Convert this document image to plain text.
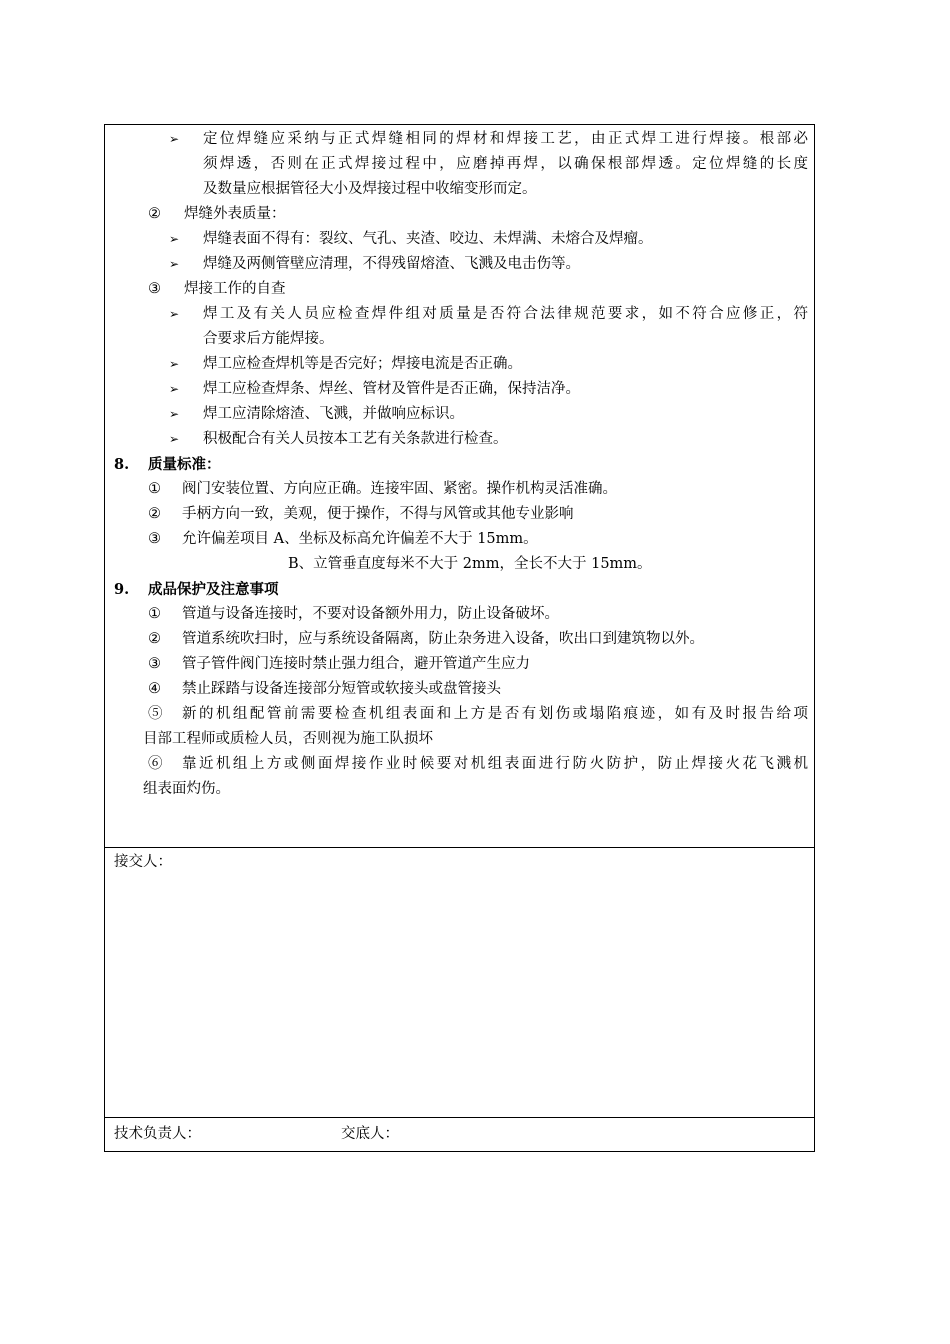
➢ 定位焊缝应采纳与正式焊缝相同的焊材和焊接工艺，由正式焊工进行焊接。根部必
须焊透，否则在正式焊接过程中，应磨掉再焊，以确保根部焊透。定位焊缝的长度
及数量应根据管径大小及焊接过程中收缩变形而定。
② 焊缝外表质量：
➢ 焊缝表面不得有：裂纹、气孔、夹渣、咬边、未焊满、未熔合及焊瘤。
➢ 焊缝及两侧管壁应清理，不得残留熔渣、飞溅及电击伤等。
③ 焊接工作的自查
➢ 焊工及有关人员应检查焊件组对质量是否符合法律规范要求，如不符合应修正，符
合要求后方能焊接。
➢ 焊工应检查焊机等是否完好；焊接电流是否正确。
➢ 焊工应检查焊条、焊丝、管材及管件是否正确，保持洁净。
➢ 焊工应清除熔渣、飞溅，并做响应标识。
➢ 积极配合有关人员按本工艺有关条款进行检查。
8. 质量标准：
① 阀门安装位置、方向应正确。连接牢固、紧密。操作机构灵活准确。
② 手柄方向一致，美观，便于操作，不得与风管或其他专业影响
③ 允许偏差项目 A、坐标及标高允许偏差不大于 15mm。
B、立管垂直度每米不大于 2mm，全长不大于 15mm。
9. 成品保护及注意事项
① 管道与设备连接时，不要对设备额外用力，防止设备破坏。
② 管道系统吹扫时，应与系统设备隔离，防止杂务进入设备，吹出口到建筑物以外。
③ 管子管件阀门连接时禁止强力组合，避开管道产生应力
④ 禁止踩踏与设备连接部分短管或软接头或盘管接头
⑤　新的机组配管前需要检查机组表面和上方是否有划伤或塌陷痕迹，如有及时报告给项
目部工程师或质检人员，否则视为施工队损坏
⑥　靠近机组上方或侧面焊接作业时候要对机组表面进行防火防护，防止焊接火花飞溅机
组表面灼伤。
接交人：
技术负责人：	交底人：
